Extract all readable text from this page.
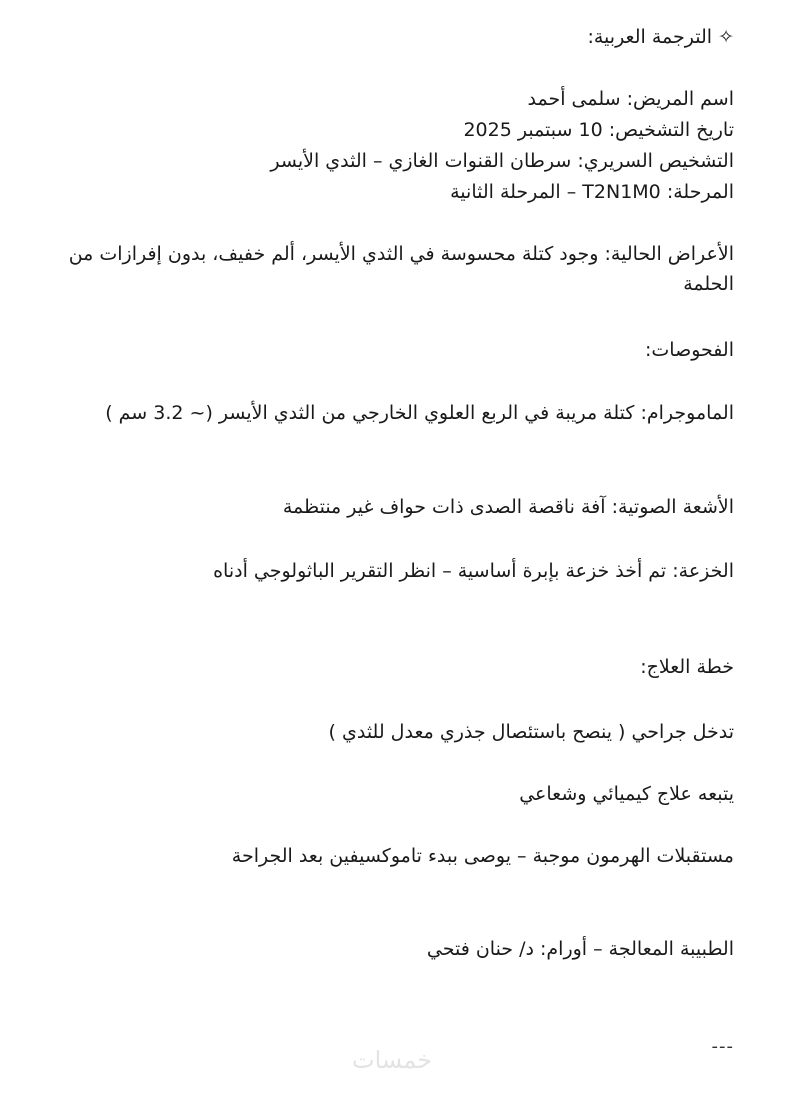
✧ الترجمة العربية:
اسم المريض: سلمى أحمد
تاريخ التشخيص: 10 سبتمبر 2025
التشخيص السريري: سرطان القنوات الغازي – الثدي الأيسر
المرحلة: T2N1M0 – المرحلة الثانية
الأعراض الحالية: وجود كتلة محسوسة في الثدي الأيسر، ألم خفيف، بدون إفرازات من الحلمة
الفحوصات:
الماموجرام: كتلة مريبة في الربع العلوي الخارجي من الثدي الأيسر (~ 3.2 سم )
الأشعة الصوتية: آفة ناقصة الصدى ذات حواف غير منتظمة
الخزعة: تم أخذ خزعة بإبرة أساسية – انظر التقرير الباثولوجي أدناه
خطة العلاج:
تدخل جراحي ( ينصح باستئصال جذري معدل للثدي )
يتبعه علاج كيميائي وشعاعي
مستقبلات الهرمون موجبة – يوصى ببدء تاموكسيفين بعد الجراحة
الطبيبة المعالجة – أورام: د/ حنان فتحي
---
خمسات
